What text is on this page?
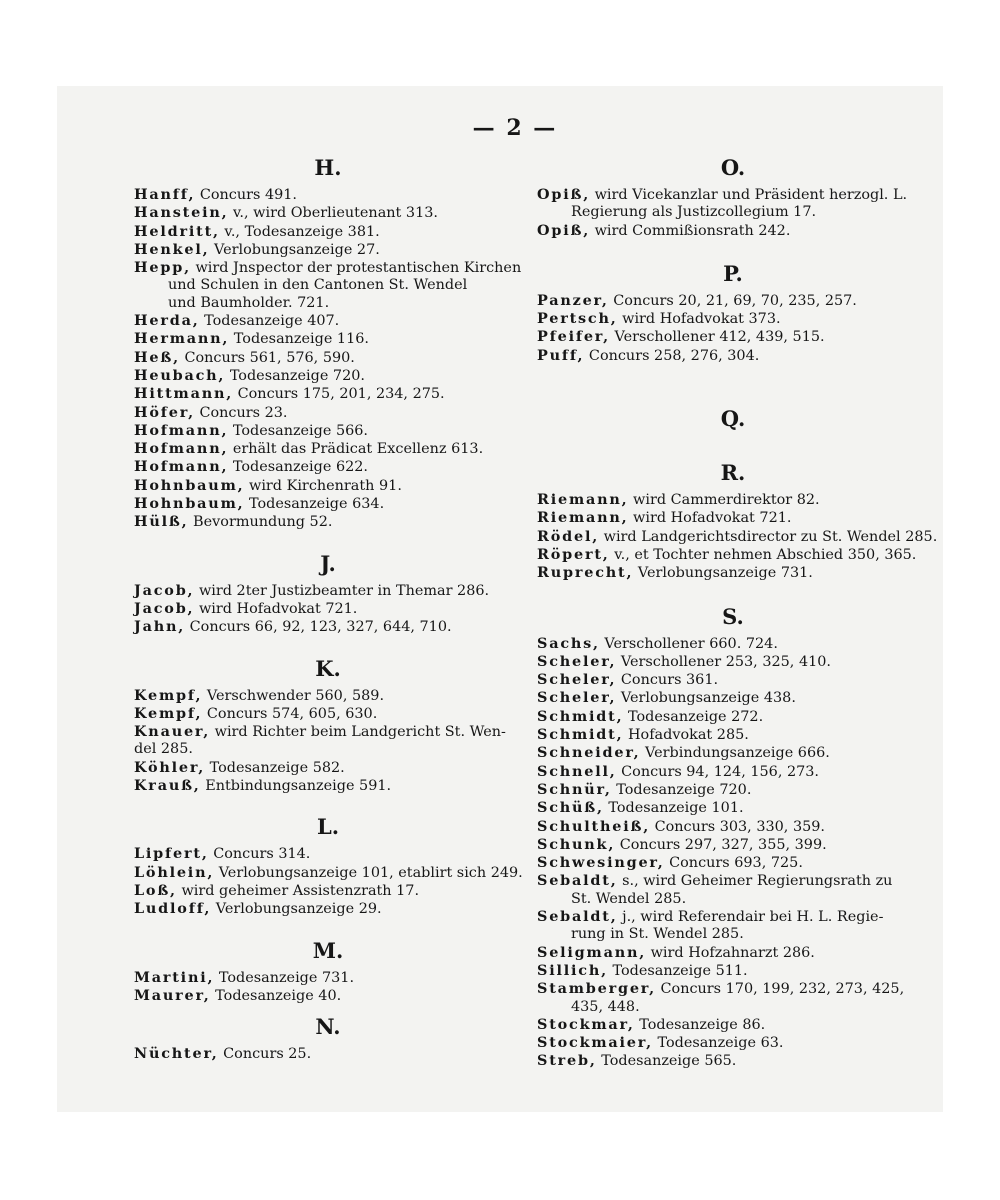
— 2 —
H.
Hanff, Concurs 491.
Hanstein, v., wird Oberlieutenant 313.
Heldritt, v., Todesanzeige 381.
Henkel, Verlobungsanzeige 27.
Hepp, wird Jnspector der protestantischen Kirchen
und Schulen in den Cantonen St. Wendel
und Baumholder. 721.
Herda, Todesanzeige 407.
Hermann, Todesanzeige 116.
Heß, Concurs 561, 576, 590.
Heubach, Todesanzeige 720.
Hittmann, Concurs 175, 201, 234, 275.
Höfer, Concurs 23.
Hofmann, Todesanzeige 566.
Hofmann, erhält das Prädicat Excellenz 613.
Hofmann, Todesanzeige 622.
Hohnbaum, wird Kirchenrath 91.
Hohnbaum, Todesanzeige 634.
Hülß, Bevormundung 52.
J.
Jacob, wird 2ter Justizbeamter in Themar 286.
Jacob, wird Hofadvokat 721.
Jahn, Concurs 66, 92, 123, 327, 644, 710.
K.
Kempf, Verschwender 560, 589.
Kempf, Concurs 574, 605, 630.
Knauer, wird Richter beim Landgericht St. Wen-
del 285.
Köhler, Todesanzeige 582.
Krauß, Entbindungsanzeige 591.
L.
Lipfert, Concurs 314.
Löhlein, Verlobungsanzeige 101, etablirt sich 249.
Loß, wird geheimer Assistenzrath 17.
Ludloff, Verlobungsanzeige 29.
M.
Martini, Todesanzeige 731.
Maurer, Todesanzeige 40.
N.
Nüchter, Concurs 25.
O.
Opiß, wird Vicekanzlar und Präsident herzogl. L.
Regierung als Justizcollegium 17.
Opiß, wird Commißionsrath 242.
P.
Panzer, Concurs 20, 21, 69, 70, 235, 257.
Pertsch, wird Hofadvokat 373.
Pfeifer, Verschollener 412, 439, 515.
Puff, Concurs 258, 276, 304.
Q.
R.
Riemann, wird Cammerdirektor 82.
Riemann, wird Hofadvokat 721.
Rödel, wird Landgerichtsdirector zu St. Wendel 285.
Röpert, v., et Tochter nehmen Abschied 350, 365.
Ruprecht, Verlobungsanzeige 731.
S.
Sachs, Verschollener 660. 724.
Scheler, Verschollener 253, 325, 410.
Scheler, Concurs 361.
Scheler, Verlobungsanzeige 438.
Schmidt, Todesanzeige 272.
Schmidt, Hofadvokat 285.
Schneider, Verbindungsanzeige 666.
Schnell, Concurs 94, 124, 156, 273.
Schnür, Todesanzeige 720.
Schüß, Todesanzeige 101.
Schultheiß, Concurs 303, 330, 359.
Schunk, Concurs 297, 327, 355, 399.
Schwesinger, Concurs 693, 725.
Sebaldt, s., wird Geheimer Regierungsrath zu
St. Wendel 285.
Sebaldt, j., wird Referendair bei H. L. Regie-
rung in St. Wendel 285.
Seligmann, wird Hofzahnarzt 286.
Sillich, Todesanzeige 511.
Stamberger, Concurs 170, 199, 232, 273, 425,
435, 448.
Stockmar, Todesanzeige 86.
Stockmaier, Todesanzeige 63.
Streb, Todesanzeige 565.
